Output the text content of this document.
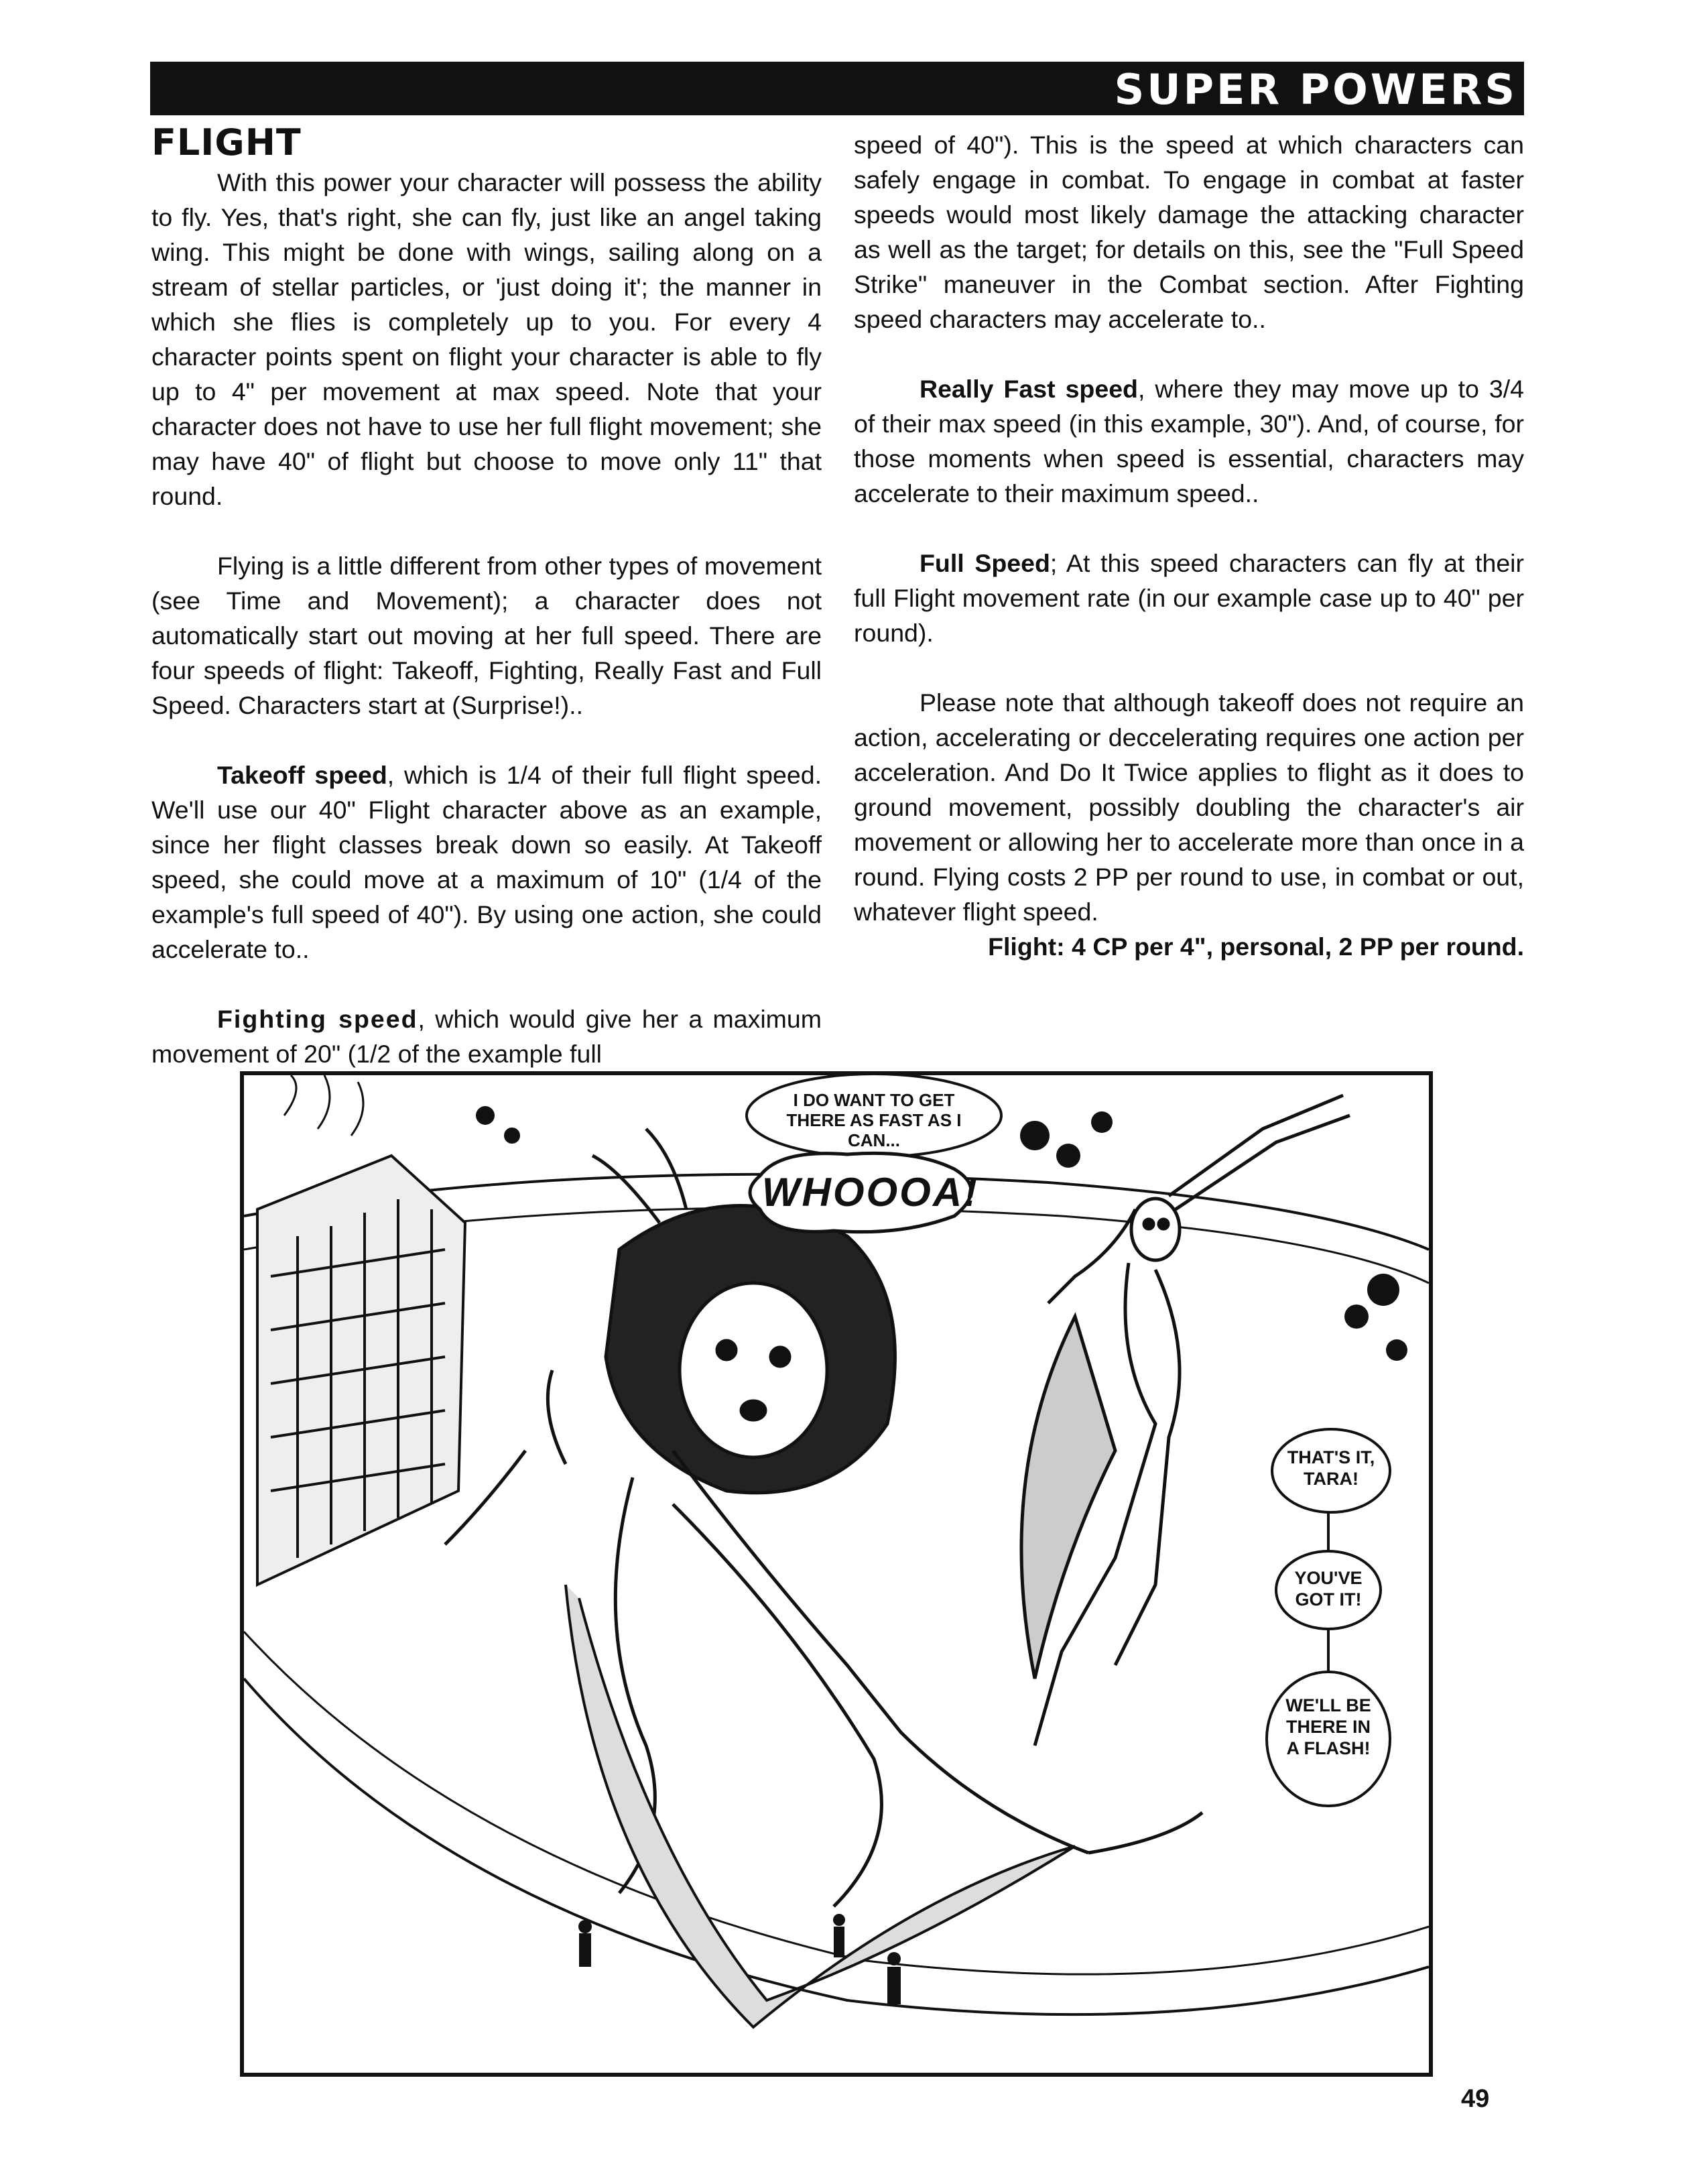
SUPER POWERS
FLIGHT

With this power your character will possess the ability to fly. Yes, that's right, she can fly, just like an angel taking wing. This might be done with wings, sailing along on a stream of stellar particles, or 'just doing it'; the manner in which she flies is completely up to you. For every 4 character points spent on flight your character is able to fly up to 4" per movement at max speed. Note that your character does not have to use her full flight movement; she may have 40" of flight but choose to move only 11" that round.

Flying is a little different from other types of movement (see Time and Movement); a character does not automatically start out moving at her full speed. There are four speeds of flight: Takeoff, Fighting, Really Fast and Full Speed. Characters start at (Surprise!)..

Takeoff speed, which is 1/4 of their full flight speed. We'll use our 40" Flight character above as an example, since her flight classes break down so easily. At Takeoff speed, she could move at a maximum of 10" (1/4 of the example's full speed of 40"). By using one action, she could accelerate to..

Fighting speed, which would give her a maximum movement of 20" (1/2 of the example full

speed of 40"). This is the speed at which characters can safely engage in combat. To engage in combat at faster speeds would most likely damage the attacking character as well as the target; for details on this, see the "Full Speed Strike" maneuver in the Combat section. After Fighting speed characters may accelerate to..

Really Fast speed, where they may move up to 3/4 of their max speed (in this example, 30"). And, of course, for those moments when speed is essential, characters may accelerate to their maximum speed..

Full Speed; At this speed characters can fly at their full Flight movement rate (in our example case up to 40" per round).

Please note that although takeoff does not require an action, accelerating or deccelerating requires one action per acceleration. And Do It Twice applies to flight as it does to ground movement, possibly doubling the character's air movement or allowing her to accelerate more than once in a round. Flying costs 2 PP per round to use, in combat or out, whatever flight speed.

Flight: 4 CP per 4", personal, 2 PP per round.

I DO WANT TO GET THERE AS FAST AS I CAN...
WHOOOA!
THAT'S IT, TARA!
YOU'VE GOT IT!
WE'LL BE THERE IN A FLASH!
49
